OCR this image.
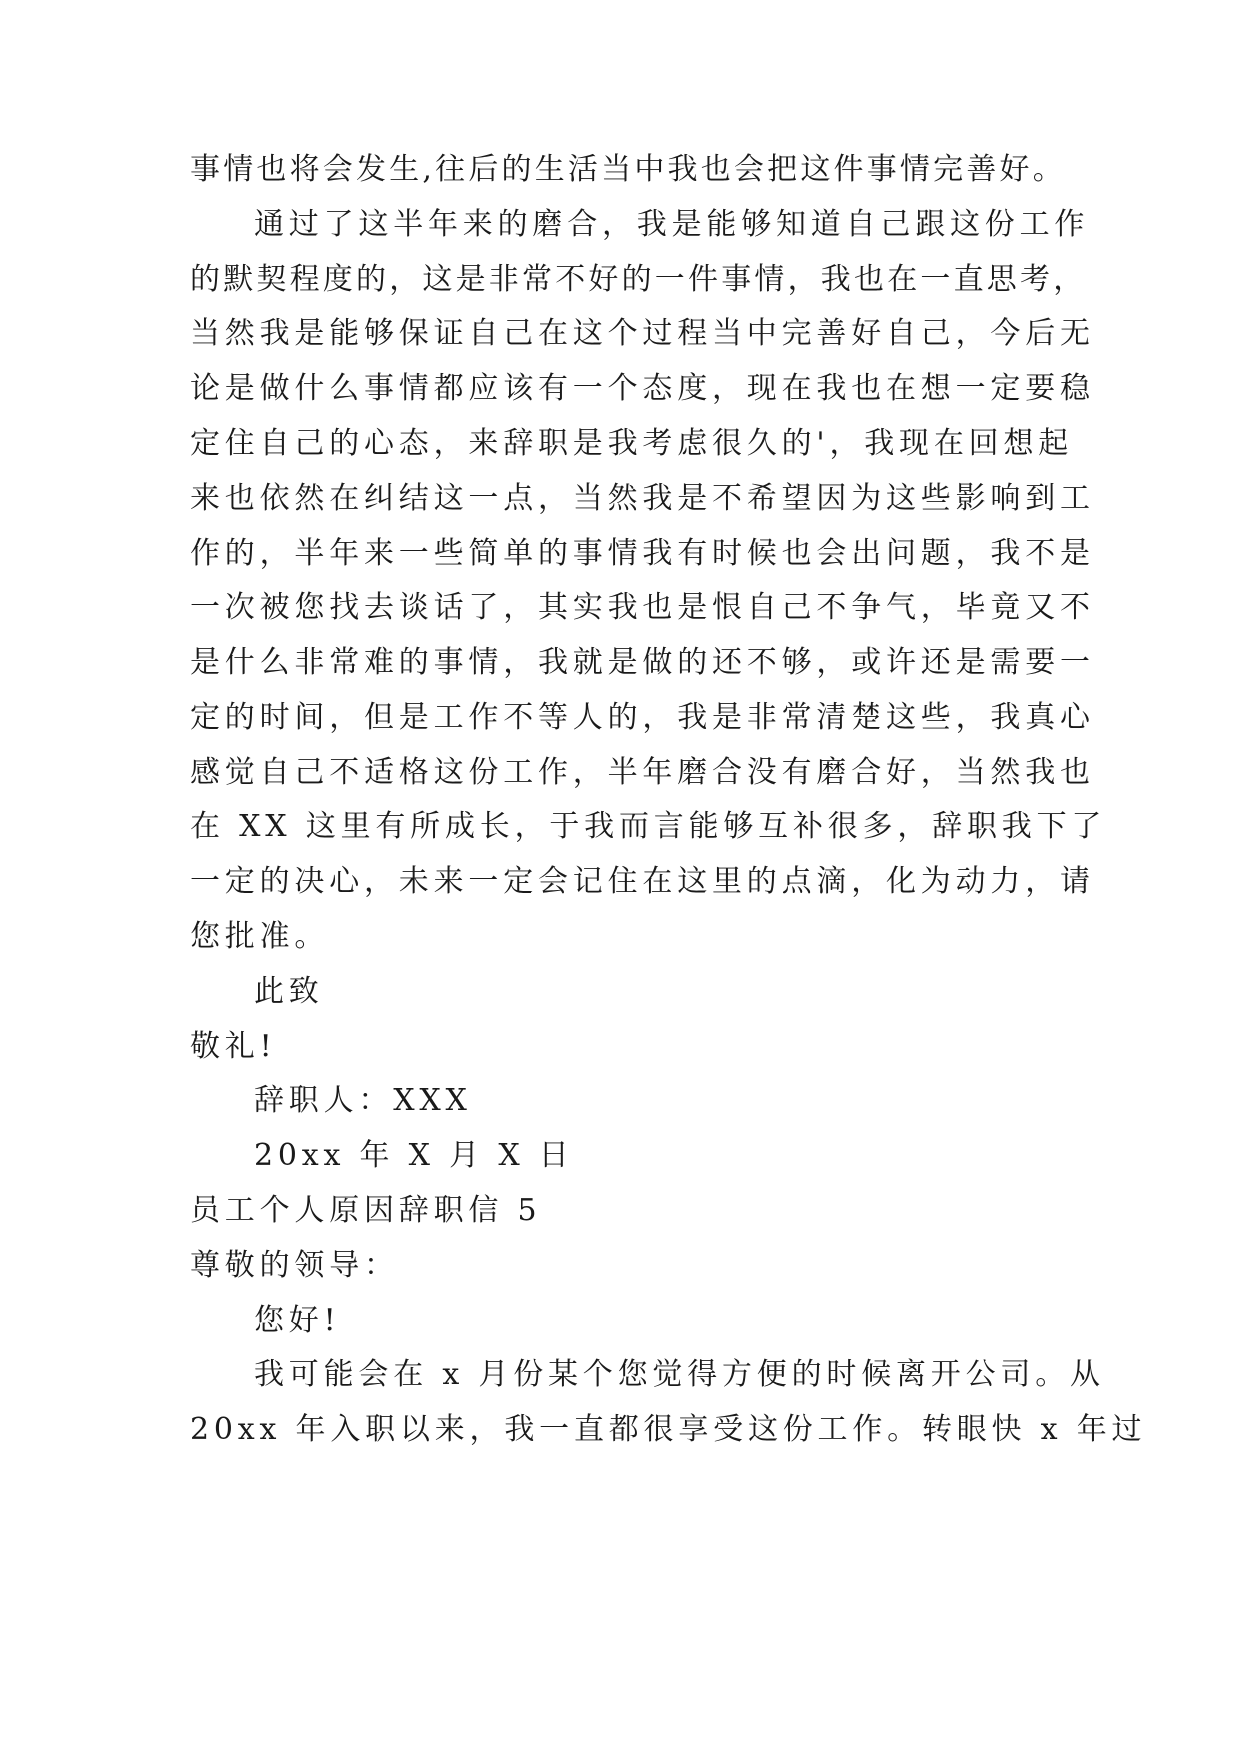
事情也将会发生,往后的生活当中我也会把这件事情完善好。
通过了这半年来的磨合，我是能够知道自己跟这份工作
的默契程度的，这是非常不好的一件事情，我也在一直思考，
当然我是能够保证自己在这个过程当中完善好自己，今后无
论是做什么事情都应该有一个态度，现在我也在想一定要稳
定住自己的心态，来辞职是我考虑很久的'，我现在回想起
来也依然在纠结这一点，当然我是不希望因为这些影响到工
作的，半年来一些简单的事情我有时候也会出问题，我不是
一次被您找去谈话了，其实我也是恨自己不争气，毕竟又不
是什么非常难的事情，我就是做的还不够，或许还是需要一
定的时间，但是工作不等人的，我是非常清楚这些，我真心
感觉自己不适格这份工作，半年磨合没有磨合好，当然我也
在 XX 这里有所成长，于我而言能够互补很多，辞职我下了
一定的决心，未来一定会记住在这里的点滴，化为动力，请
您批准。
此致
敬礼!
辞职人：XXX
20xx 年 X 月 X 日
员工个人原因辞职信 5
尊敬的领导：
您好!
我可能会在 x 月份某个您觉得方便的时候离开公司。从
20xx 年入职以来，我一直都很享受这份工作。转眼快 x 年过
